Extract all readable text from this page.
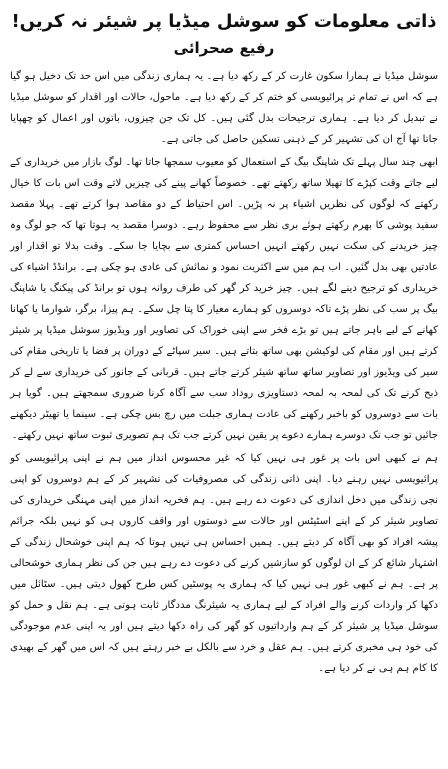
ذاتی معلومات کو سوشل میڈیا پر شیئر نہ کریں!
رفیع صحرائی

سوشل میڈیا نے ہمارا سکون غارت کر کے رکھ دیا ہے۔ یہ ہماری زندگی میں اس حد تک دخیل ہو گیا ہے کہ اس نے تمام تر پرائیویسی کو ختم کر کے رکھ دیا ہے۔ ماحول، حالات اور اقدار کو سوشل میڈیا نے تبدیل کر دیا ہے۔ ہماری ترجیحات بدل گئی ہیں۔ کل تک جن چیزوں، باتوں اور اعمال کو چھپایا جاتا تھا آج ان کی تشہیر کر کے ذہنی تسکین حاصل کی جاتی ہے۔

ابھی چند سال پہلے تک شاپنگ بیگ کے استعمال کو معیوب سمجھا جاتا تھا۔ لوگ بازار میں خریداری کے لیے جاتے وقت کپڑے کا تھیلا ساتھ رکھتے تھے۔ خصوصاً کھانے پینے کی چیزیں لاتے وقت اس بات کا خیال رکھتے کہ لوگوں کی نظریں اشیاء پر نہ پڑیں۔ اس احتیاط کے دو مقاصد ہوا کرتے تھے۔ پہلا مقصد سفید پوشی کا بھرم رکھتے ہوئے بری نظر سے محفوظ رہے۔ دوسرا مقصد یہ ہوتا تھا کہ جو لوگ وہ چیز خریدنے کی سکت نہیں رکھتے انہیں احساس کمتری سے بچایا جا سکے۔ وقت بدلا تو اقدار اور عادتیں بھی بدل گئیں۔ اب ہم میں سے اکثریت نمود و نمائش کی عادی ہو چکی ہے۔ برانڈڈ اشیاء کی خریداری کو ترجیح دینے لگے ہیں۔ چیز خرید کر گھر کی طرف روانہ ہوں تو برانڈ کی پیکنگ یا شاپنگ بیگ پر سب کی نظر پڑے تاکہ دوسروں کو ہمارے معیار کا پتا چل سکے۔ ہم پیزا، برگر، شوارما یا کھانا کھانے کے لیے باہر جاتے ہیں تو بڑے فخر سے اپنی خوراک کی تصاویر اور ویڈیوز سوشل میڈیا پر شیئر کرتے ہیں اور مقام کی لوکیشن بھی ساتھ بتاتے ہیں۔ سیر سپاٹے کے دوران پر فضا یا تاریخی مقام کی سیر کی ویڈیوز اور تصاویر ساتھ ساتھ شیئر کرتے جاتے ہیں۔ قربانی کے جانور کی خریداری سے لے کر ذبح کرنے تک کی لمحہ بہ لمحہ دستاویزی روداد سب سے آگاہ کرنا ضروری سمجھتے ہیں۔ گویا ہر بات سے دوسروں کو باخبر رکھنے کی عادت ہماری جبلت میں رچ بس چکی ہے۔ سینما یا تھیٹر دیکھنے جائیں تو جب تک دوسرے ہمارے دعوے پر یقین نہیں کرتے جب تک ہم تصویری ثبوت ساتھ نہیں رکھتے۔

ہم نے کبھی اس بات پر غور ہی نہیں کیا کہ غیر محسوس انداز میں ہم نے اپنی پرائیویسی کو پرائیویسی نہیں رہنے دیا۔ اپنی ذاتی زندگی کی مصروفیات کی تشہیر کر کے ہم دوسروں کو اپنی نجی زندگی میں دخل اندازی کی دعوت دے رہے ہیں۔ ہم فخریہ انداز میں اپنی مہنگی خریداری کی تصاویر شیئر کر کے اپنے اسٹیٹس اور حالات سے دوستوں اور واقف کاروں ہی کو نہیں بلکہ جرائم پیشہ افراد کو بھی آگاہ کر دیتے ہیں۔ ہمیں احساس ہی نہیں ہوتا کہ ہم اپنی خوشحال زندگی کے اشتہار شائع کر کے ان لوگوں کو سازشیں کرنے کی دعوت دے رہے ہیں جن کی نظر ہماری خوشحالی پر ہے۔ ہم نے کبھی غور ہی نہیں کیا کہ ہماری یہ پوسٹیں کس طرح کھول دیتی ہیں۔ سٹائل میں دکھا کر واردات کرنے والے افراد کے لیے ہماری یہ شیئرنگ مددگار ثابت ہوتی ہے۔ ہم نقل و حمل کو سوشل میڈیا پر شیئر کر کے ہم وارداتیوں کو گھر کی راہ دکھا دیتے ہیں اور یہ اپنی عدم موجودگی کی خود ہی مخبری کرتے ہیں۔ ہم عقل و خرد سے بالکل بے خبر رہتے ہیں کہ اس میں گھر کے بھیدی کا کام ہم ہی نے کر دیا ہے۔
